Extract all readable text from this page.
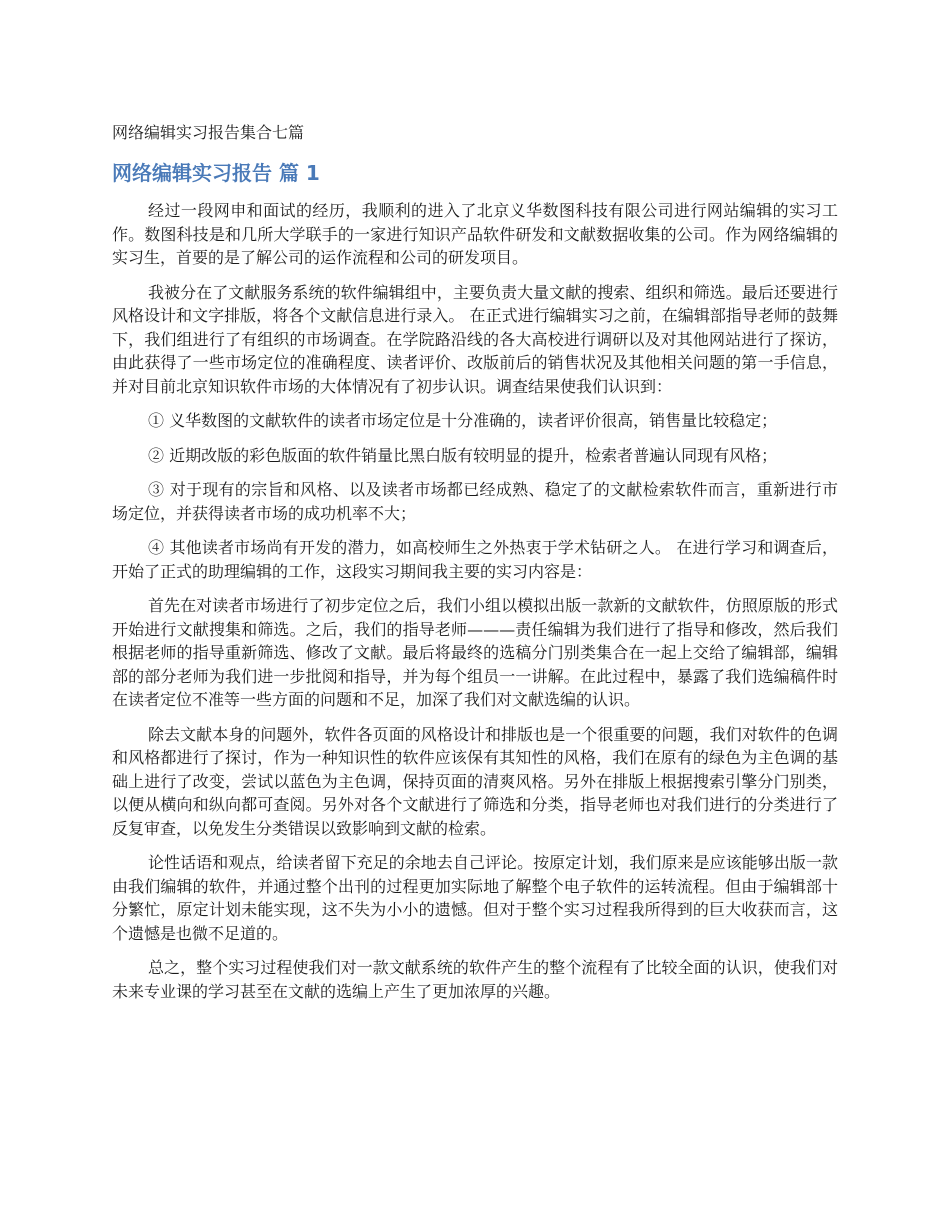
网络编辑实习报告集合七篇
网络编辑实习报告 篇 1

经过一段网申和面试的经历，我顺利的进入了北京义华数图科技有限公司进行网站编辑的实习工作。数图科技是和几所大学联手的一家进行知识产品软件研发和文献数据收集的公司。作为网络编辑的实习生，首要的是了解公司的运作流程和公司的研发项目。

我被分在了文献服务系统的软件编辑组中，主要负责大量文献的搜索、组织和筛选。最后还要进行风格设计和文字排版，将各个文献信息进行录入。 在正式进行编辑实习之前，在编辑部指导老师的鼓舞下，我们组进行了有组织的市场调查。在学院路沿线的各大高校进行调研以及对其他网站进行了探访，由此获得了一些市场定位的准确程度、读者评价、改版前后的销售状况及其他相关问题的第一手信息，并对目前北京知识软件市场的大体情况有了初步认识。调查结果使我们认识到：

① 义华数图的文献软件的读者市场定位是十分准确的，读者评价很高，销售量比较稳定；

② 近期改版的彩色版面的软件销量比黑白版有较明显的提升，检索者普遍认同现有风格；

③ 对于现有的宗旨和风格、以及读者市场都已经成熟、稳定了的文献检索软件而言，重新进行市场定位，并获得读者市场的成功机率不大；

④ 其他读者市场尚有开发的潜力，如高校师生之外热衷于学术钻研之人。 在进行学习和调查后，开始了正式的助理编辑的工作，这段实习期间我主要的实习内容是：

首先在对读者市场进行了初步定位之后，我们小组以模拟出版一款新的文献软件，仿照原版的形式开始进行文献搜集和筛选。之后，我们的指导老师———责任编辑为我们进行了指导和修改，然后我们根据老师的指导重新筛选、修改了文献。最后将最终的选稿分门别类集合在一起上交给了编辑部，编辑部的部分老师为我们进一步批阅和指导，并为每个组员一一讲解。在此过程中，暴露了我们选编稿件时在读者定位不准等一些方面的问题和不足，加深了我们对文献选编的认识。

除去文献本身的问题外，软件各页面的风格设计和排版也是一个很重要的问题，我们对软件的色调和风格都进行了探讨，作为一种知识性的软件应该保有其知性的风格，我们在原有的绿色为主色调的基础上进行了改变，尝试以蓝色为主色调，保持页面的清爽风格。另外在排版上根据搜索引擎分门别类，以便从横向和纵向都可查阅。另外对各个文献进行了筛选和分类，指导老师也对我们进行的分类进行了反复审查，以免发生分类错误以致影响到文献的检索。

论性话语和观点，给读者留下充足的余地去自己评论。按原定计划，我们原来是应该能够出版一款由我们编辑的软件，并通过整个出刊的过程更加实际地了解整个电子软件的运转流程。但由于编辑部十分繁忙，原定计划未能实现，这不失为小小的遗憾。但对于整个实习过程我所得到的巨大收获而言，这个遗憾是也微不足道的。

总之，整个实习过程使我们对一款文献系统的软件产生的整个流程有了比较全面的认识，使我们对未来专业课的学习甚至在文献的选编上产生了更加浓厚的兴趣。
